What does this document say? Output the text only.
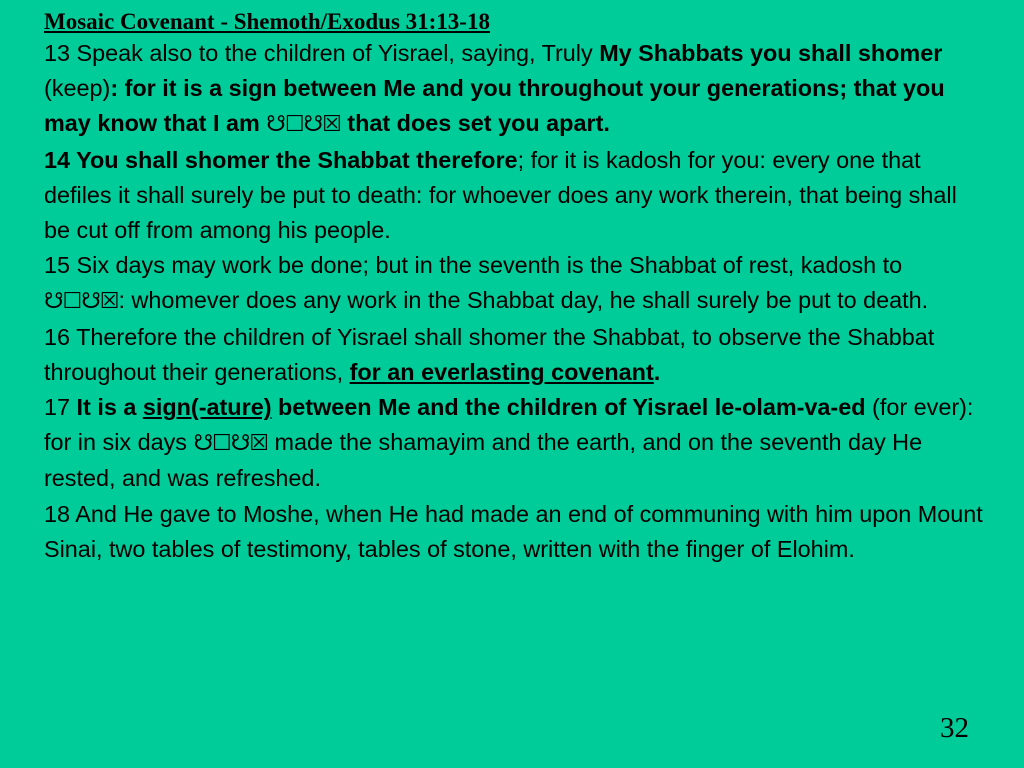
Mosaic Covenant - Shemoth/Exodus 31:13-18

13 Speak also to the children of Yisrael, saying, Truly My Shabbats you shall shomer (keep): for it is a sign between Me and you throughout your generations; that you may know that I am ☋☐☋☒ that does set you apart.
14 You shall shomer the Shabbat therefore; for it is kadosh for you: every one that defiles it shall surely be put to death: for whoever does any work therein, that being shall be cut off from among his people.
15 Six days may work be done; but in the seventh is the Shabbat of rest, kadosh to ☋☐☋☒: whomever does any work in the Shabbat day, he shall surely be put to death.
16 Therefore the children of Yisrael shall shomer the Shabbat, to observe the Shabbat throughout their generations, for an everlasting covenant.
17 It is a sign(-ature) between Me and the children of Yisrael le-olam-va-ed (for ever): for in six days ☋☐☋☒ made the shamayim and the earth, and on the seventh day He rested, and was refreshed.
18 And He gave to Moshe, when He had made an end of communing with him upon Mount Sinai, two tables of testimony, tables of stone, written with the finger of Elohim.

32
